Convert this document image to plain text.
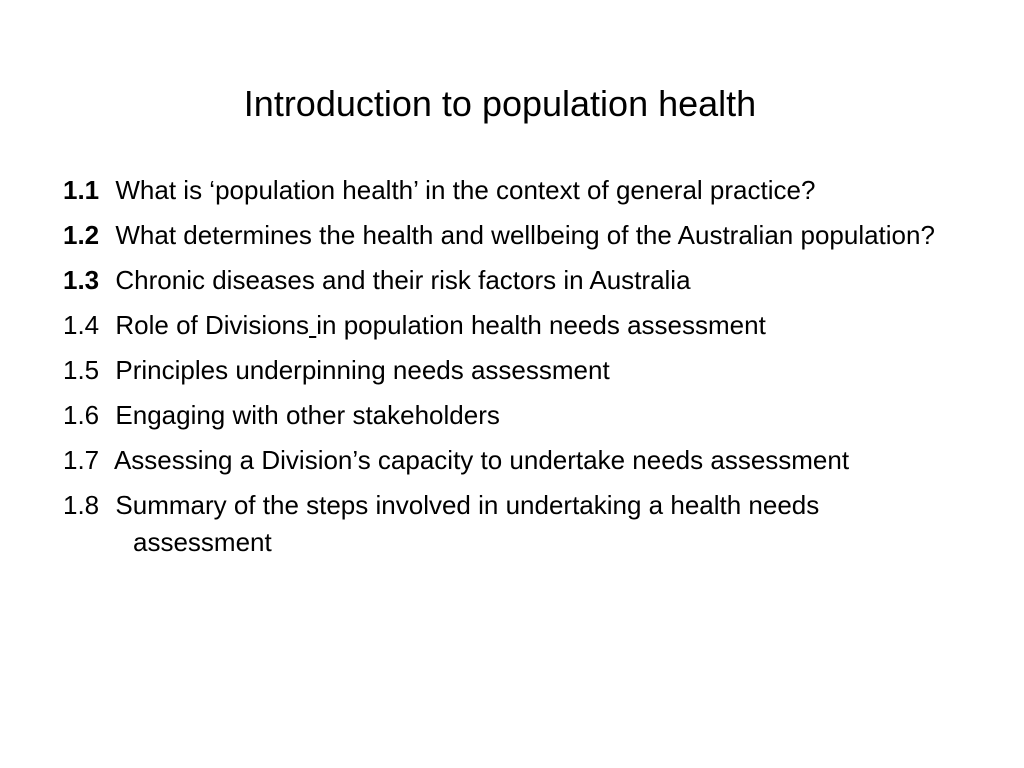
Introduction to population health
1.1 What is ‘population health’ in the context of general practice?
1.2 What determines the health and wellbeing of the Australian population?
1.3 Chronic diseases and their risk factors in Australia
1.4 Role of Divisions in population health needs assessment
1.5 Principles underpinning needs assessment
1.6 Engaging with other stakeholders
1.7 Assessing a Division’s capacity to undertake needs assessment
1.8 Summary of the steps involved in undertaking a health needs assessment
